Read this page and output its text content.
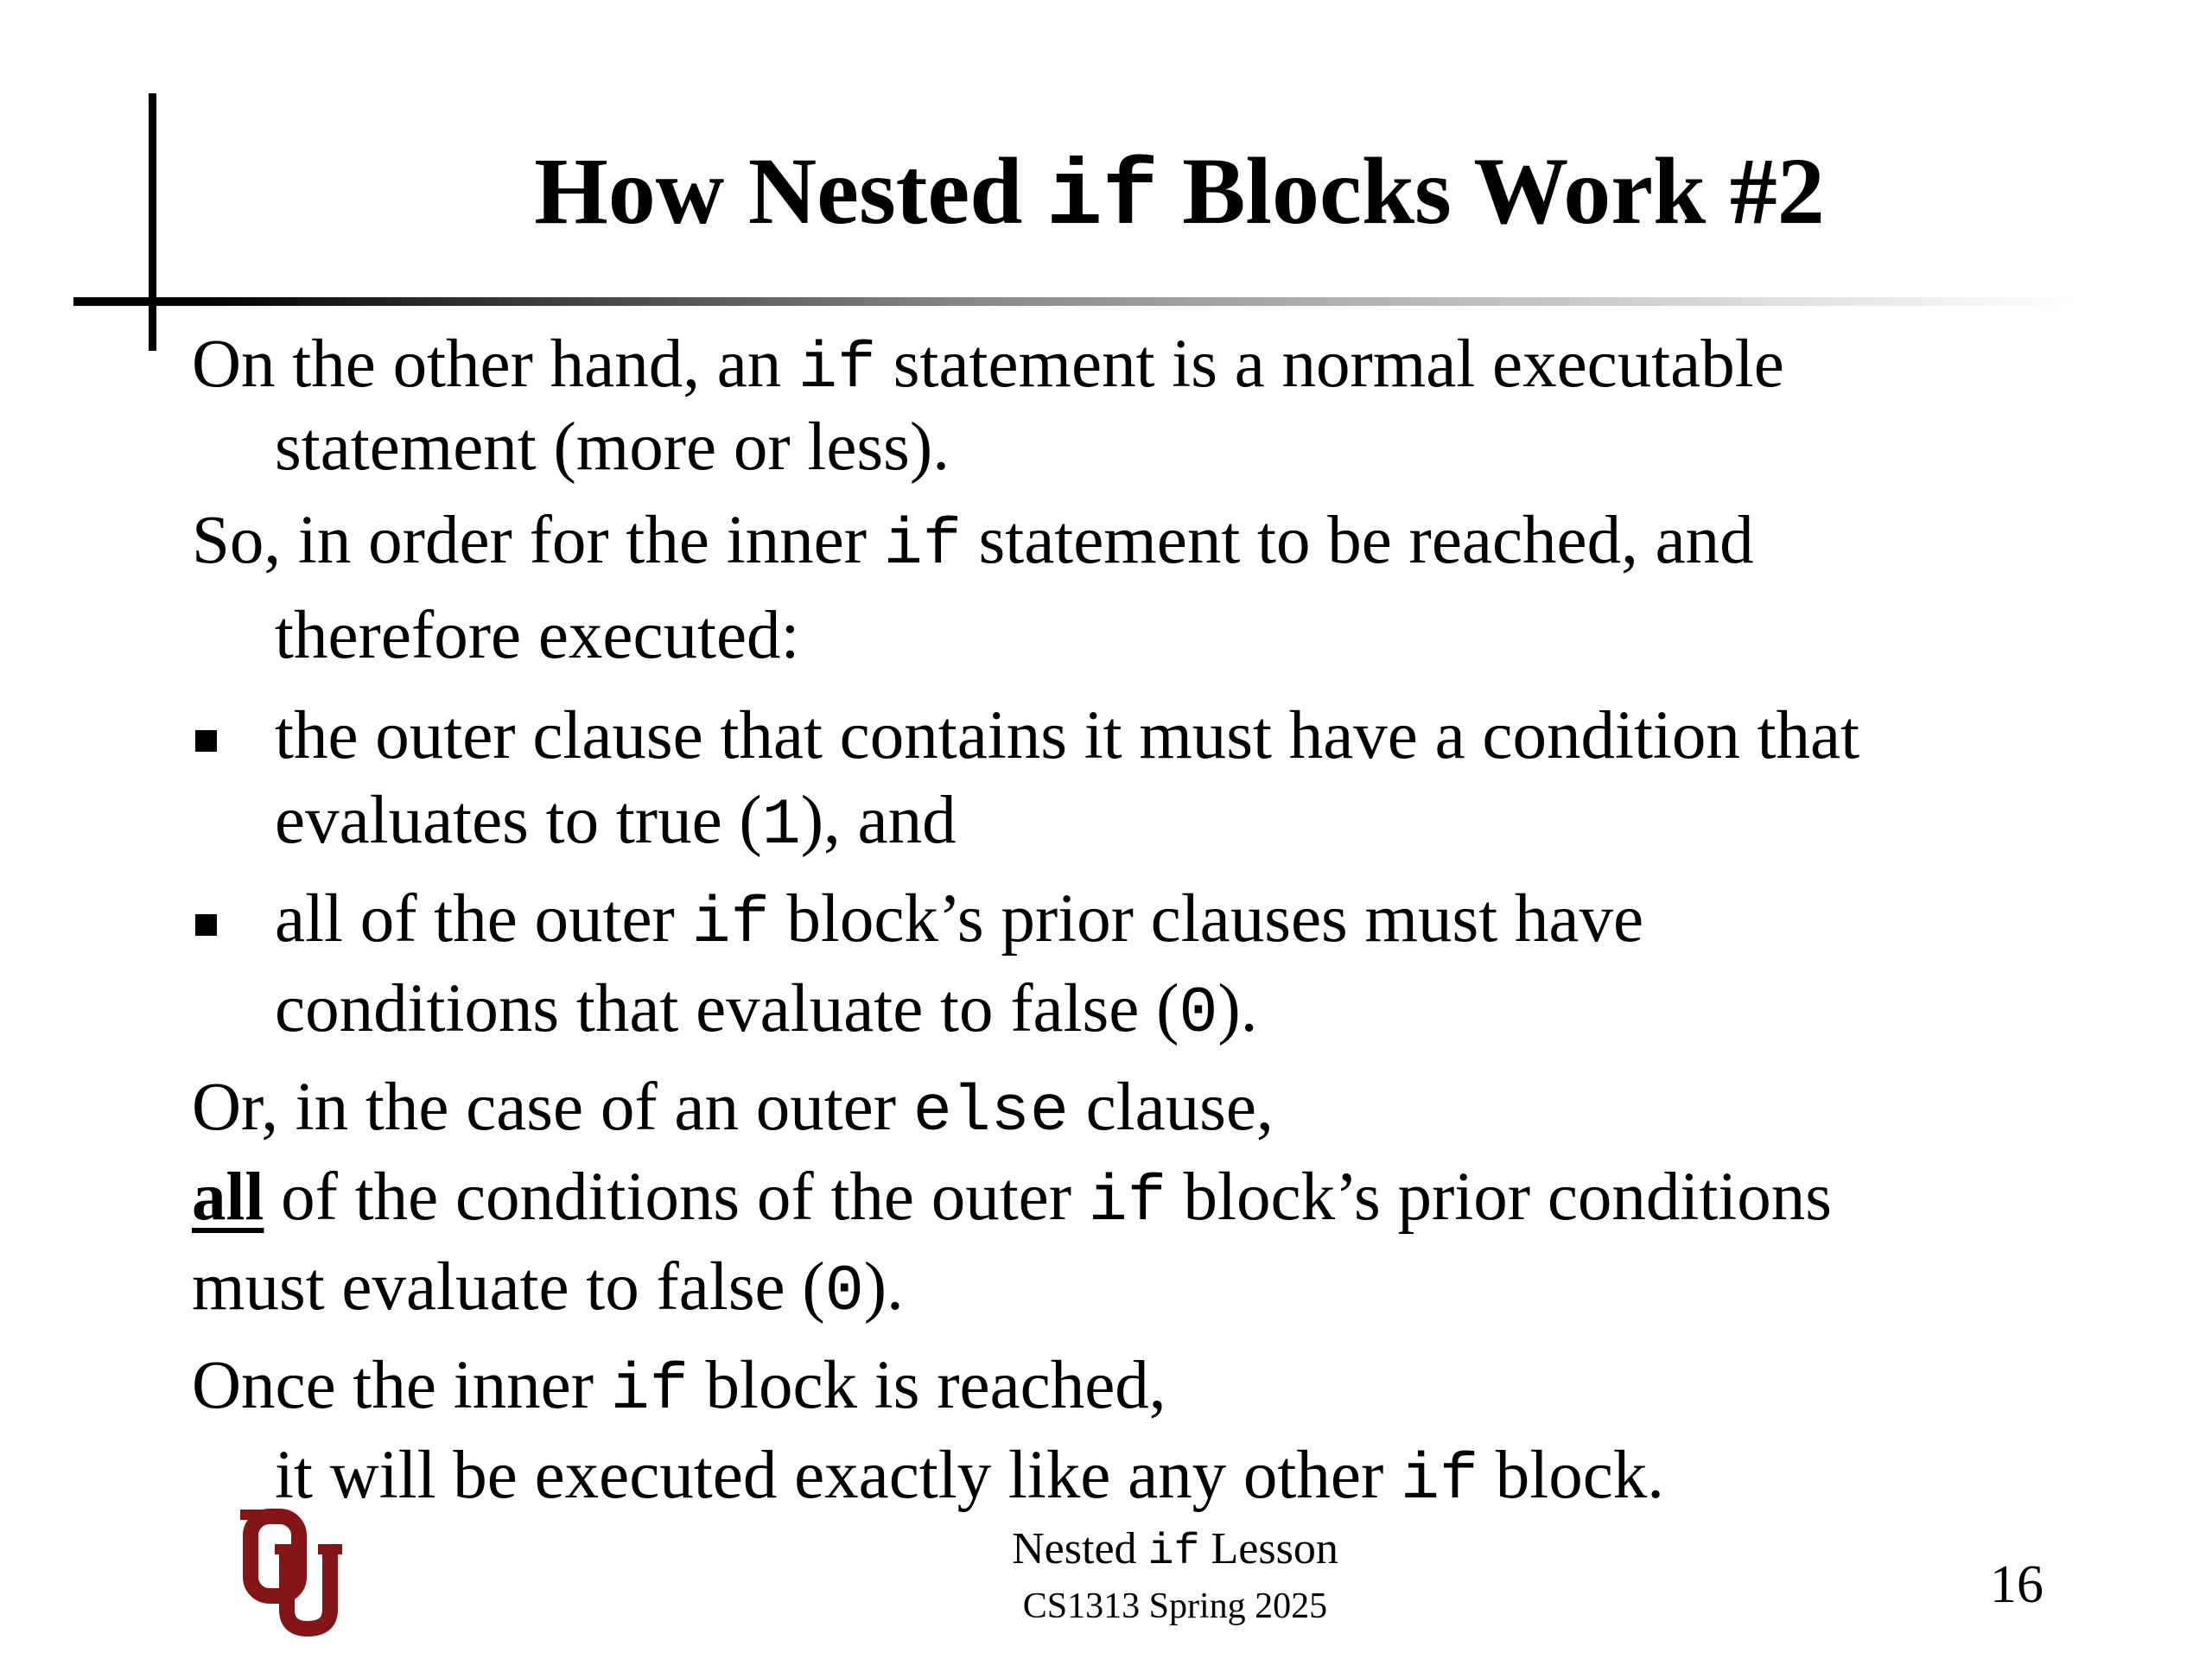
How Nested if Blocks Work #2
On the other hand, an if statement is a normal executable
statement (more or less).
So, in order for the inner if statement to be reached, and
therefore executed:
the outer clause that contains it must have a condition that
evaluates to true (1), and
all of the outer if block’s prior clauses must have
conditions that evaluate to false (0).
Or, in the case of an outer else clause,
all of the conditions of the outer if block’s prior conditions
must evaluate to false (0).
Once the inner if block is reached,
it will be executed exactly like any other if block.
Nested if Lesson
CS1313 Spring 2025	16
